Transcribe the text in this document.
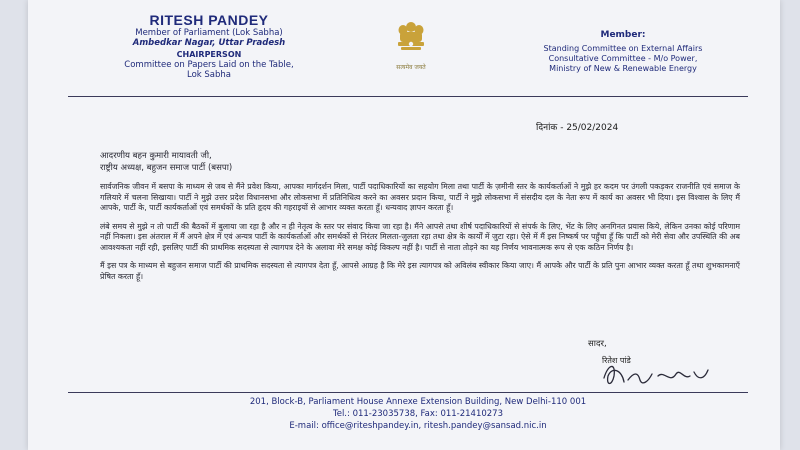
RITESH PANDEY
Member of Parliament (Lok Sabha)
Ambedkar Nagar, Uttar Pradesh
CHAIRPERSON
Committee on Papers Laid on the Table,
Lok Sabha
सत्यमेव जयते
Member:
Standing Committee on External Affairs
Consultative Committee - M/o Power,
Ministry of New & Renewable Energy
दिनांक - 25/02/2024
आदरणीय बहन कुमारी मायावती जी,
राष्ट्रीय अध्यक्ष, बहुजन समाज पार्टी (बसपा)
सार्वजनिक जीवन में बसपा के माध्यम से जब से मैंने प्रवेश किया, आपका मार्गदर्शन मिला, पार्टी पदाधिकारियों का सहयोग मिला तथा पार्टी के ज़मीनी स्तर के कार्यकर्ताओं ने मुझे हर कदम पर उंगली पकड़कर राजनीति एवं समाज के गलियारे में चलना सिखाया। पार्टी ने मुझे उत्तर प्रदेश विधानसभा और लोकसभा में प्रतिनिधित्व करने का अवसर प्रदान किया, पार्टी ने मुझे लोकसभा में संसदीय दल के नेता रूप में कार्य का अवसर भी दिया। इस विश्वास के लिए मैं आपके, पार्टी के, पार्टी कार्यकर्ताओं एवं समर्थकों के प्रति हृदय की गहराइयों से आभार व्यक्त करता हूँ। धन्यवाद ज्ञापन करता हूँ।
लंबे समय से मुझे न तो पार्टी की बैठकों में बुलाया जा रहा है और न ही नेतृत्व के स्तर पर संवाद किया जा रहा है। मैंने आपसे तथा शीर्ष पदाधिकारियों से संपर्क के लिए, भेंट के लिए अनगिनत प्रयास किये, लेकिन उनका कोई परिणाम नहीं निकला। इस अंतराल में मैं अपने क्षेत्र में एवं अन्यत्र पार्टी के कार्यकर्ताओं और समर्थकों से निरंतर मिलता-जुलता रहा तथा क्षेत्र के कार्यों में जुटा रहा। ऐसे में मैं इस निष्कर्ष पर पहुँचा हूँ कि पार्टी को मेरी सेवा और उपस्थिति की अब आवश्यकता नहीं रही, इसलिए पार्टी की प्राथमिक सदस्यता से त्यागपत्र देने के अलावा मेरे समक्ष कोई विकल्प नहीं है। पार्टी से नाता तोड़ने का यह निर्णय भावनात्मक रूप से एक कठिन निर्णय है।
मैं इस पत्र के माध्यम से बहुजन समाज पार्टी की प्राथमिक सदस्यता से त्यागपत्र देता हूँ, आपसे आग्रह है कि मेरे इस त्यागपत्र को अविलंब स्वीकार किया जाए। मैं आपके और पार्टी के प्रति पुनः आभार व्यक्त करता हूँ तथा शुभकामनाएँ प्रेषित करता हूँ।
सादर,
रितेश पांडे
201, Block-B, Parliament House Annexe Extension Building, New Delhi-110 001
Tel.: 011-23035738, Fax: 011-21410273
E-mail: office@riteshpandey.in, ritesh.pandey@sansad.nic.in
